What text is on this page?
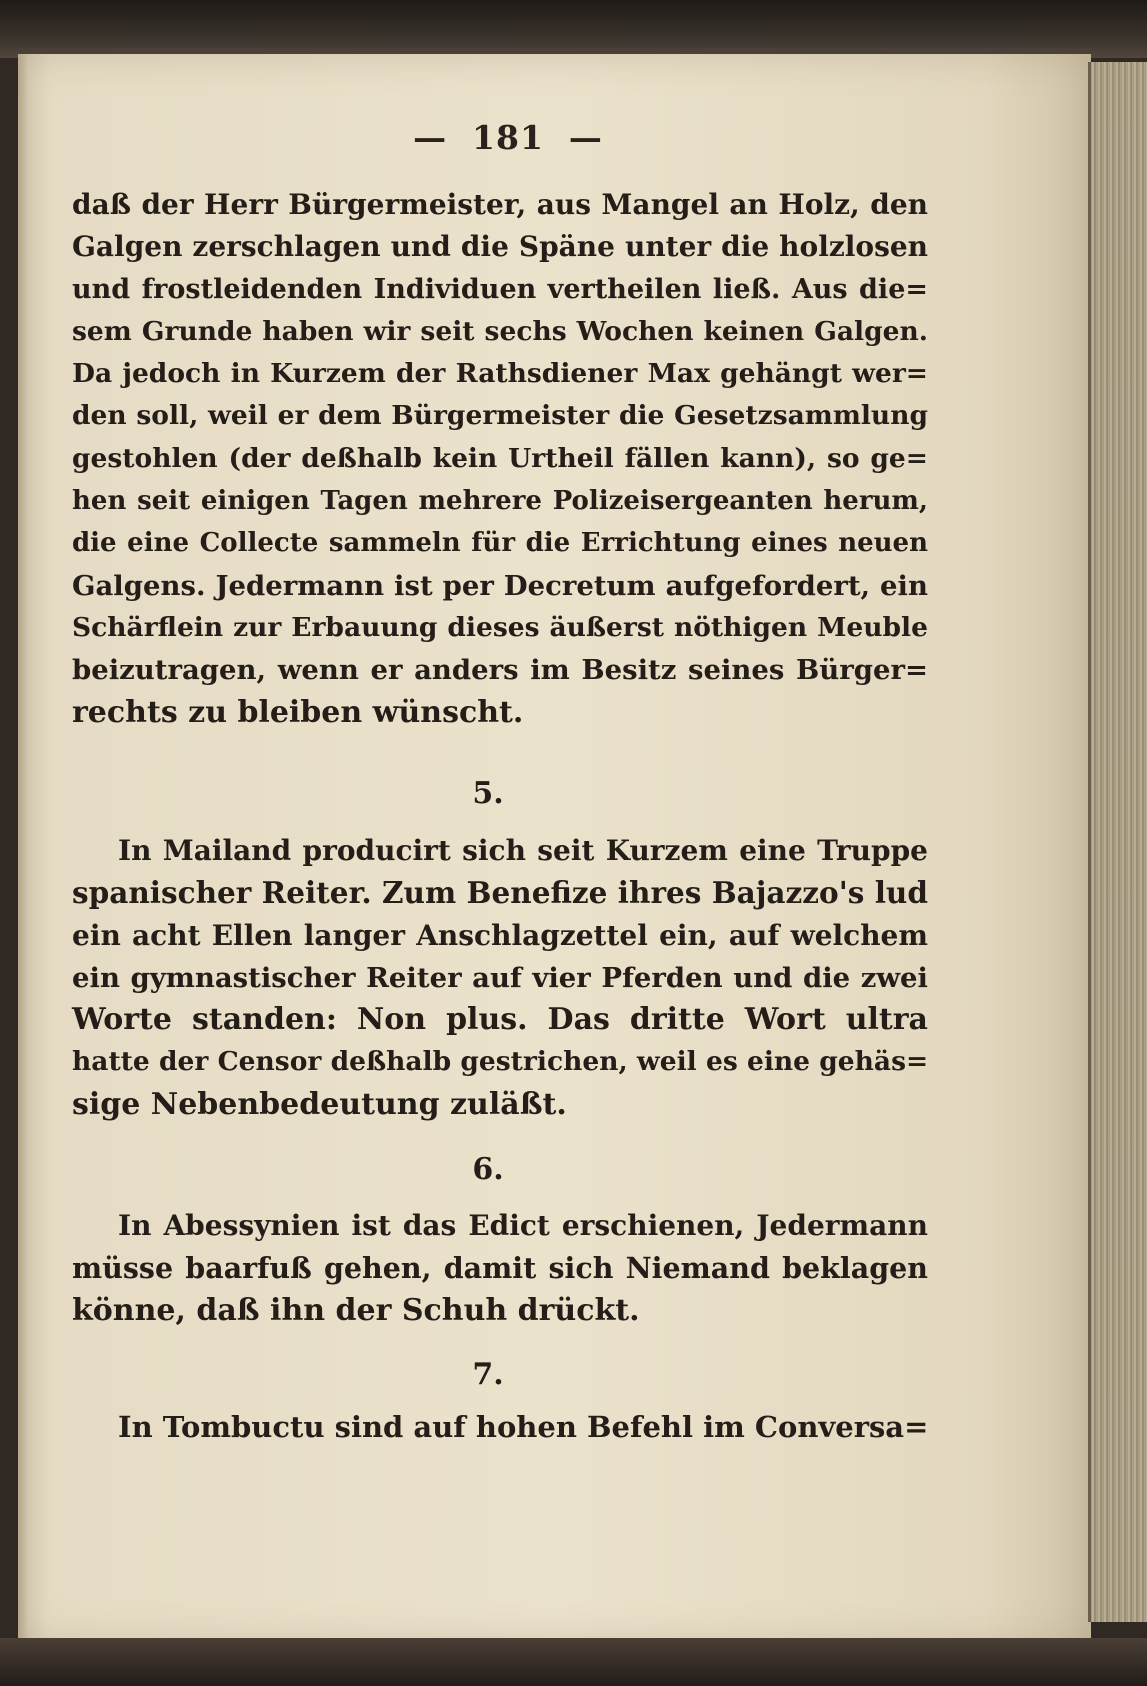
— 181 —
daß der Herr Bürgermeister, aus Mangel an Holz, den
Galgen zerschlagen und die Späne unter die holzlosen
und frostleidenden Individuen vertheilen ließ. Aus die=
sem Grunde haben wir seit sechs Wochen keinen Galgen.
Da jedoch in Kurzem der Rathsdiener Max gehängt wer=
den soll, weil er dem Bürgermeister die Gesetzsammlung
gestohlen (der deßhalb kein Urtheil fällen kann), so ge=
hen seit einigen Tagen mehrere Polizeisergeanten herum,
die eine Collecte sammeln für die Errichtung eines neuen
Galgens. Jedermann ist per Decretum aufgefordert, ein
Schärflein zur Erbauung dieses äußerst nöthigen Meuble
beizutragen, wenn er anders im Besitz seines Bürger=
rechts zu bleiben wünscht.
5.
In Mailand producirt sich seit Kurzem eine Truppe
spanischer Reiter. Zum Benefize ihres Bajazzo's lud
ein acht Ellen langer Anschlagzettel ein, auf welchem
ein gymnastischer Reiter auf vier Pferden und die zwei
Worte standen: Non plus. Das dritte Wort ultra
hatte der Censor deßhalb gestrichen, weil es eine gehäs=
sige Nebenbedeutung zuläßt.
6.
In Abessynien ist das Edict erschienen, Jedermann
müsse baarfuß gehen, damit sich Niemand beklagen
könne, daß ihn der Schuh drückt.
7.
In Tombuctu sind auf hohen Befehl im Conversa=
